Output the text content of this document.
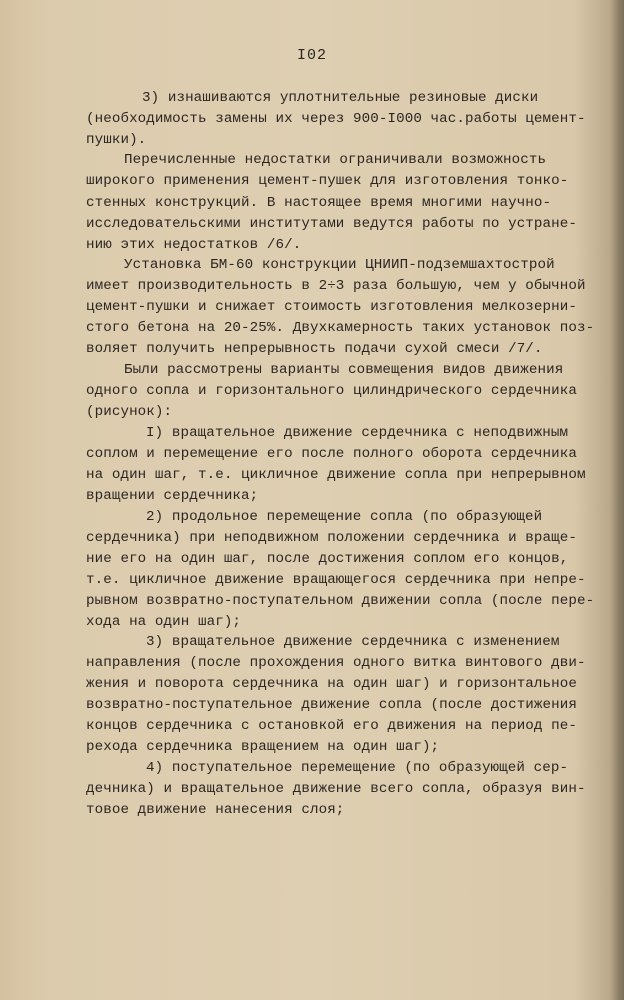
I02
3) изнашиваются уплотнительные резиновые диски
(необходимость замены их через 900-I000 час.работы цемент-
пушки).
Перечисленные недостатки ограничивали возможность
широкого применения цемент-пушек для изготовления тонко-
стенных конструкций. В настоящее время многими научно-
исследовательскими институтами ведутся работы по устране-
нию этих недостатков /6/.
Установка БМ-60 конструкции ЦНИИП-подземшахтострой
имеет производительность в 2÷3 раза большую, чем у обычной
цемент-пушки и снижает стоимость изготовления мелкозерни-
стого бетона на 20-25%. Двухкамерность таких установок поз-
воляет получить непрерывность подачи сухой смеси /7/.
Были рассмотрены варианты совмещения видов движения
одного сопла и горизонтального цилиндрического сердечника
(рисунок):
I) вращательное движение сердечника с неподвижным
соплом и перемещение его после полного оборота сердечника
на один шаг, т.е. цикличное движение сопла при непрерывном
вращении сердечника;
2) продольное перемещение сопла (по образующей
сердечника) при неподвижном положении сердечника и враще-
ние его на один шаг, после достижения соплом его концов,
т.е. цикличное движение вращающегося сердечника при непре-
рывном возвратно-поступательном движении сопла (после пере-
хода на один шаг);
3) вращательное движение сердечника с изменением
направления (после прохождения одного витка винтового дви-
жения и поворота сердечника на один шаг) и горизонтальное
возвратно-поступательное движение сопла (после достижения
концов сердечника с остановкой его движения на период пе-
рехода сердечника вращением на один шаг);
4) поступательное перемещение (по образующей сер-
дечника) и вращательное движение всего сопла, образуя вин-
товое движение нанесения слоя;
